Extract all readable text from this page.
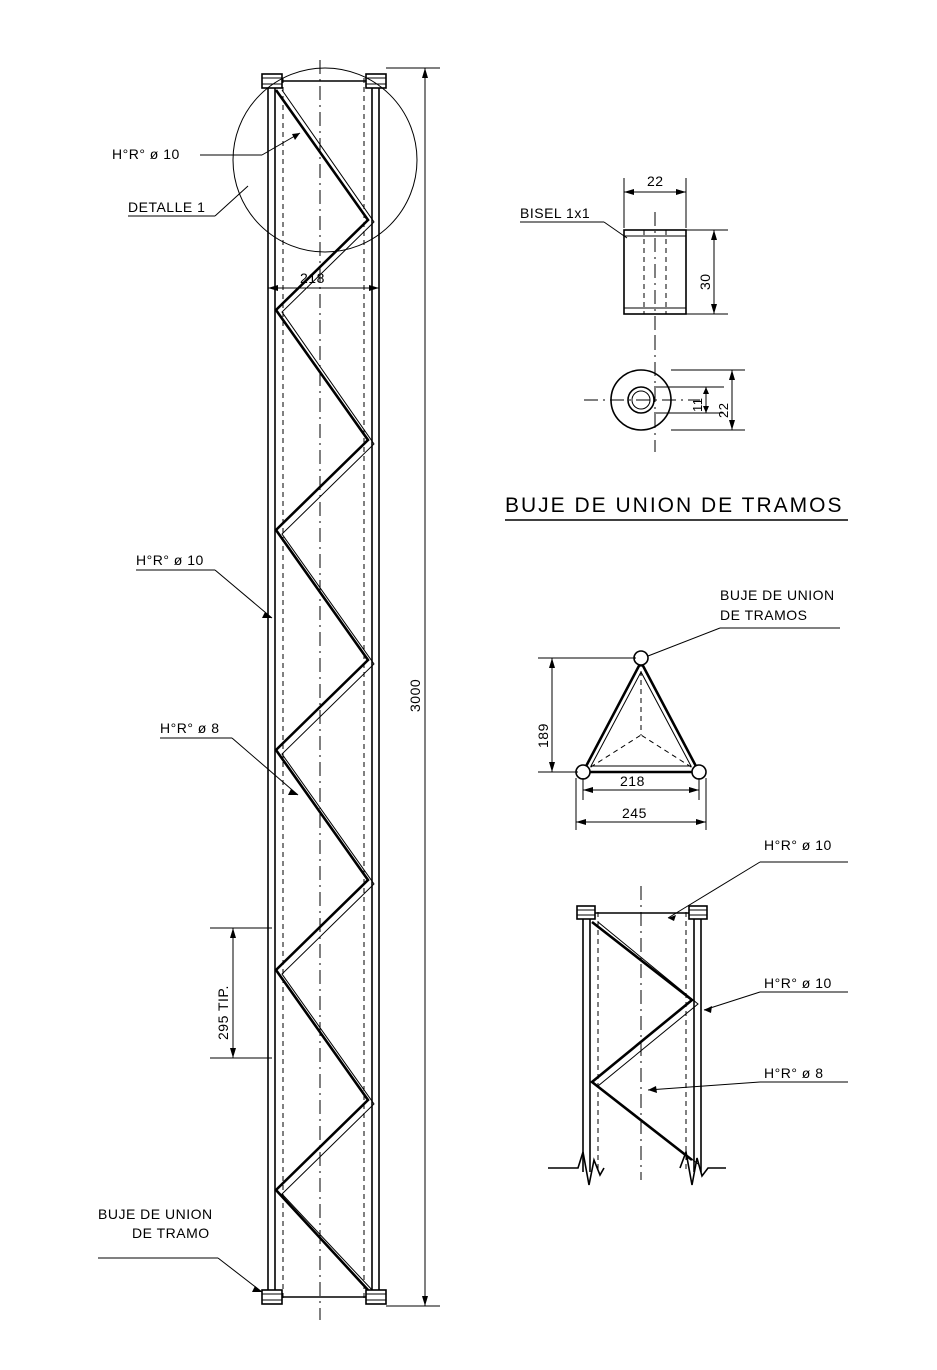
H°R° ø 10
DETALLE 1
218
3000
H°R° ø 10
H°R° ø 8
295 TIP.
BUJE DE UNION
DE TRAMO
22
30
BISEL 1x1
11 22
BUJE DE UNION DE TRAMOS
BUJE DE UNION
DE TRAMOS
189
218
245
H°R° ø 10
H°R° ø 10
H°R° ø 8
